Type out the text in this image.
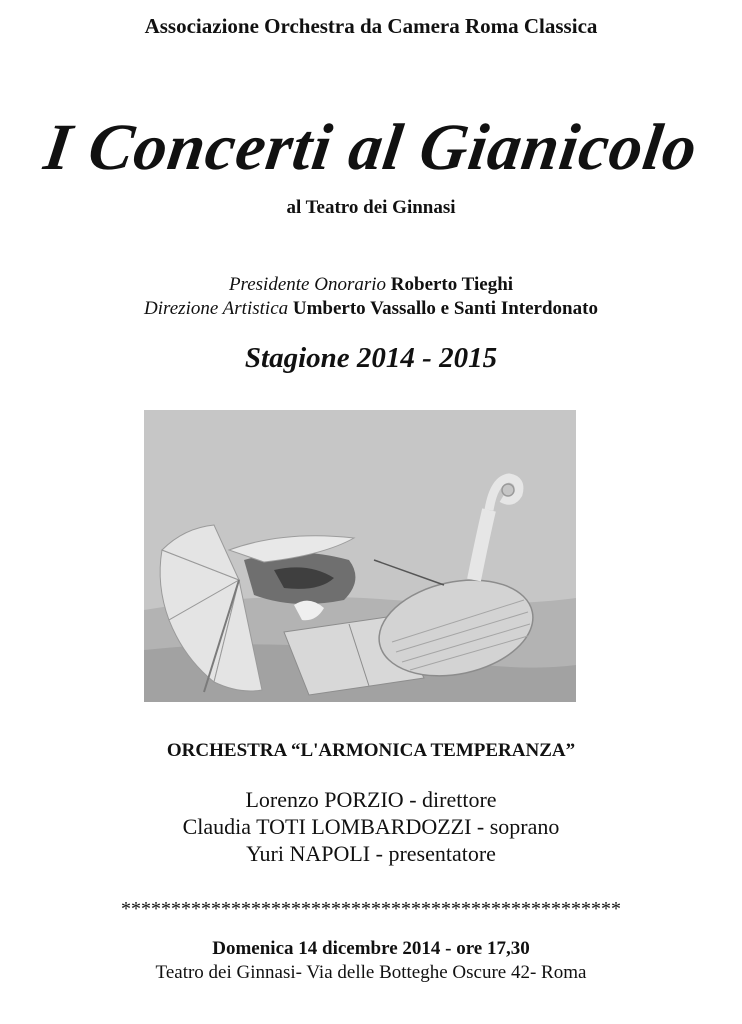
Associazione Orchestra da Camera Roma Classica
I Concerti al Gianicolo
al Teatro dei Ginnasi
Presidente Onorario Roberto Tieghi
Direzione Artistica Umberto Vassallo e Santi Interdonato
Stagione 2014 - 2015
ORCHESTRA “L'ARMONICA TEMPERANZA”
Lorenzo PORZIO - direttore
Claudia TOTI LOMBARDOZZI - soprano
Yuri NAPOLI - presentatore
**************************************************
Domenica 14 dicembre 2014 - ore 17,30
Teatro dei Ginnasi- Via delle Botteghe Oscure 42- Roma
